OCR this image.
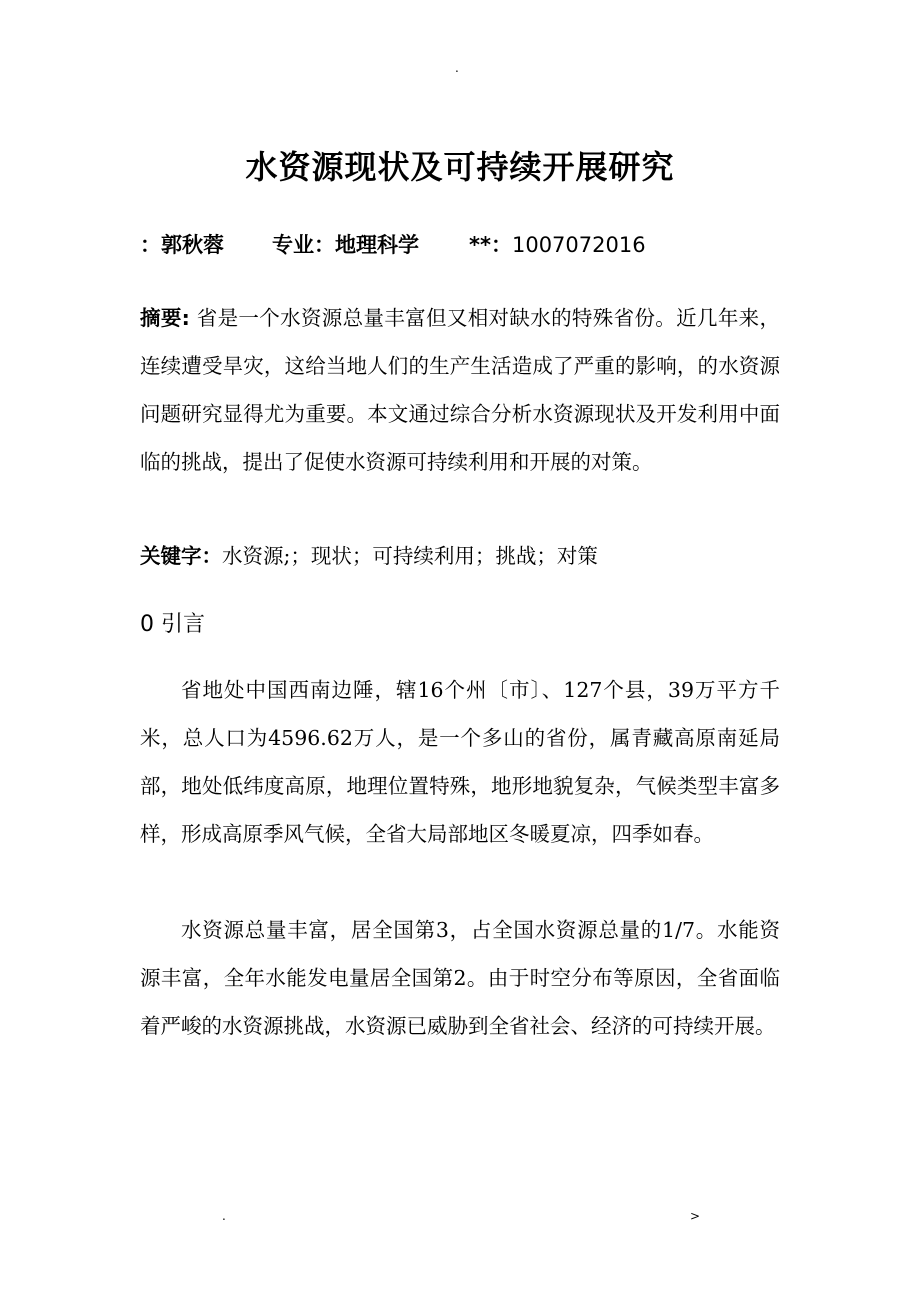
.
水资源现状及可持续开展研究
：郭秋蓉 专业：地理科学 **：1007072016
摘要: 省是一个水资源总量丰富但又相对缺水的特殊省份。近几年来，连续遭受旱灾，这给当地人们的生产生活造成了严重的影响，的水资源问题研究显得尤为重要。本文通过综合分析水资源现状及开发利用中面临的挑战，提出了促使水资源可持续利用和开展的对策。
关键字：水资源;；现状；可持续利用；挑战；对策
0 引言
省地处中国西南边陲，辖16个州〔市〕、127个县，39万平方千米，总人口为4596.62万人，是一个多山的省份，属青藏高原南延局部，地处低纬度高原，地理位置特殊，地形地貌复杂，气候类型丰富多样，形成高原季风气候，全省大局部地区冬暖夏凉，四季如春。
水资源总量丰富，居全国第3，占全国水资源总量的1/7。水能资源丰富，全年水能发电量居全国第2。由于时空分布等原因，全省面临着严峻的水资源挑战，水资源已威胁到全省社会、经济的可持续开展。
.	>
